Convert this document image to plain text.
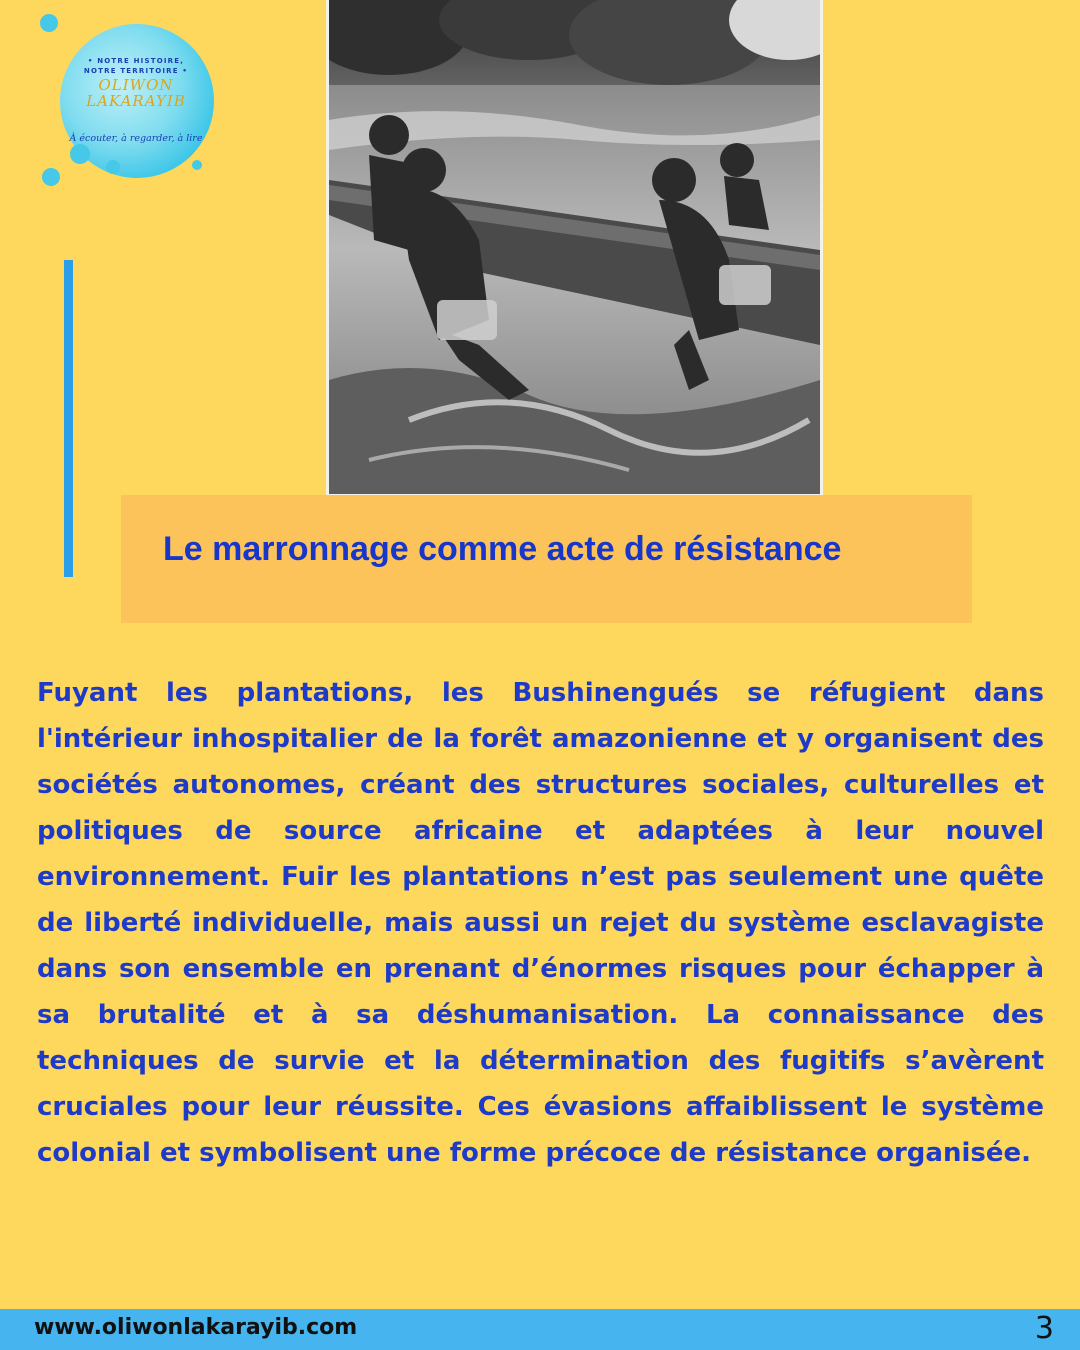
• NOTRE HISTOIRE,
NOTRE TERRITOIRE •
OLIWON
LAKARAYIB
À écouter, à regarder, à lire
Le marronnage comme acte de résistance

Fuyant les plantations, les Bushinengués se réfugient dans l'intérieur inhospitalier de la forêt amazonienne et y organisent des sociétés autonomes, créant des structures sociales, culturelles et politiques de source africaine et adaptées à leur nouvel environnement. Fuir les plantations n’est pas seulement une quête de liberté individuelle, mais aussi un rejet du système esclavagiste dans son ensemble en prenant d’énormes risques pour échapper à sa brutalité et à sa déshumanisation. La connaissance des techniques de survie et la détermination des fugitifs s’avèrent cruciales pour leur réussite. Ces évasions affaiblissent le système colonial et symbolisent une forme précoce de résistance organisée.

www.oliwonlakarayib.com	3
